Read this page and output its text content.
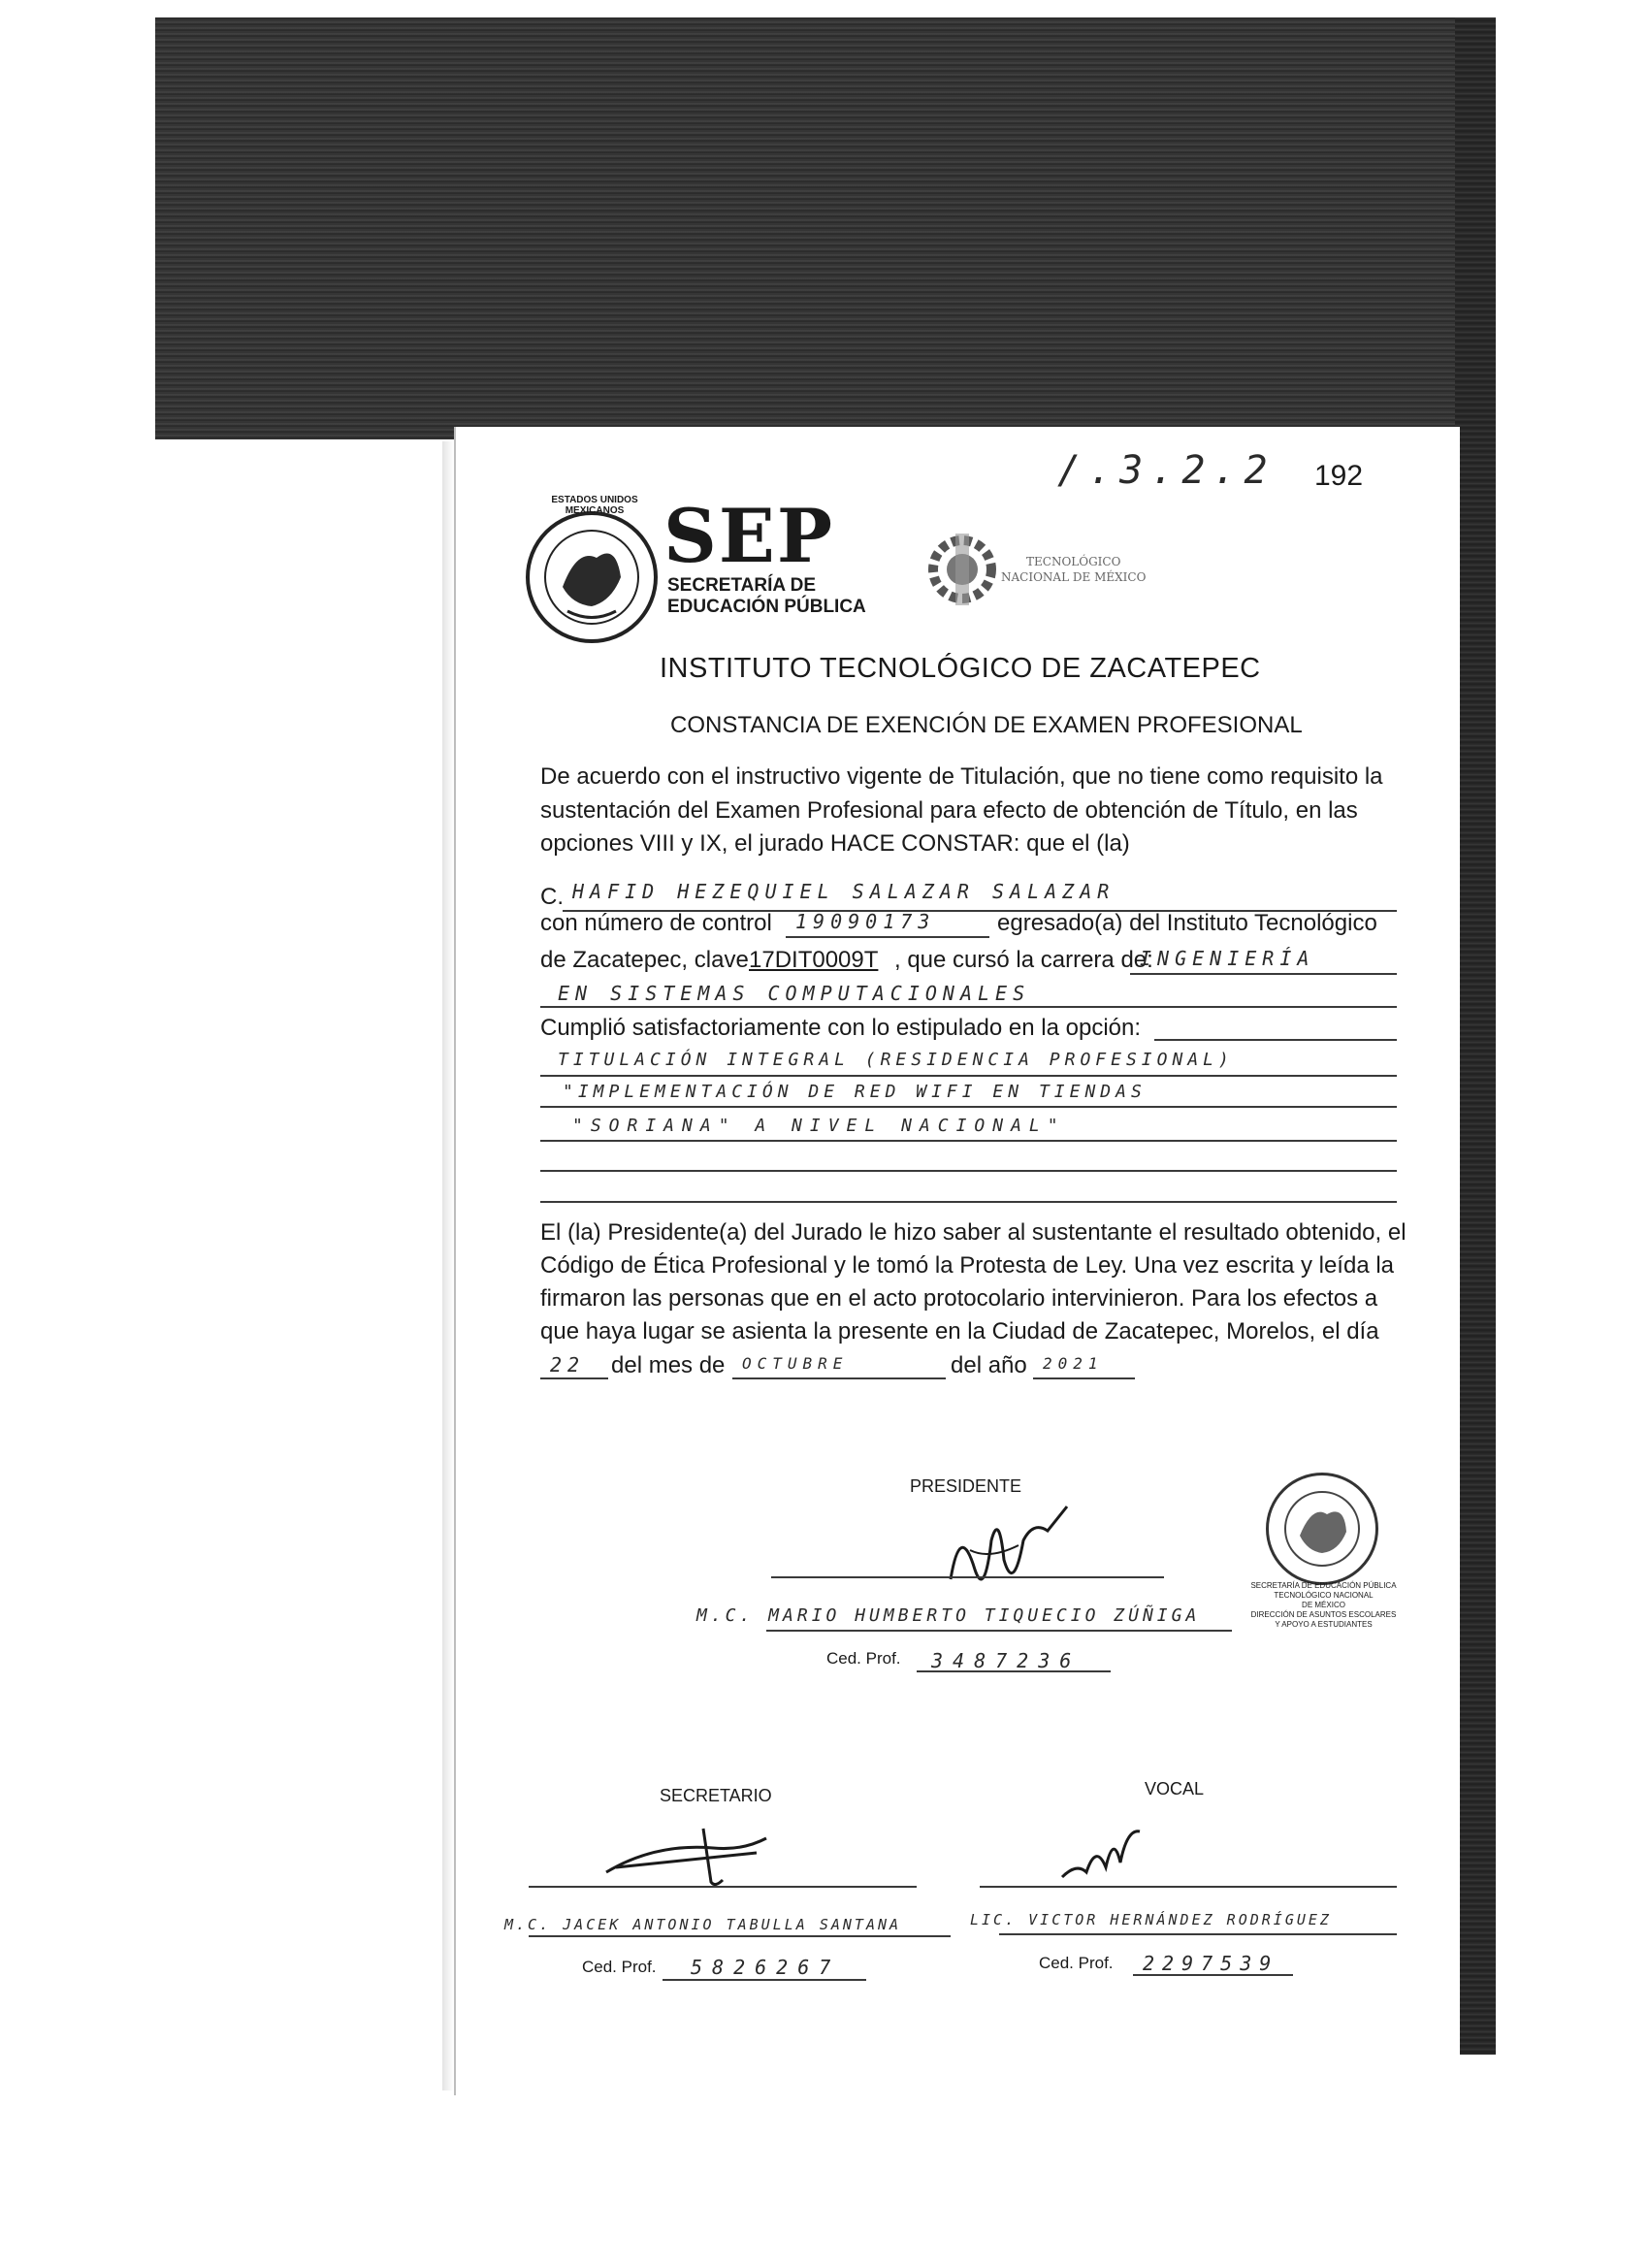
/.3.2.2 192
ESTADOS UNIDOS MEXICANOS SEP
SECRETARÍA DE
EDUCACIÓN PÚBLICA
TECNOLÓGICO
NACIONAL DE MÉXICO
INSTITUTO TECNOLÓGICO DE ZACATEPEC
CONSTANCIA DE EXENCIÓN DE EXAMEN PROFESIONAL
De acuerdo con el instructivo vigente de Titulación, que no tiene como requisito la
sustentación del Examen Profesional para efecto de obtención de Título, en las
opciones VIII y IX, el jurado HACE CONSTAR: que el (la)
C. HAFID HEZEQUIEL SALAZAR SALAZAR
con número de control 19090173	egresado(a) del Instituto Tecnológico
de Zacatepec, clave 17DIT0009T , que cursó la carrera de:
INGENIERÍA
EN SISTEMAS COMPUTACIONALES
Cumplió satisfactoriamente con lo estipulado en la opción:
TITULACIÓN INTEGRAL (RESIDENCIA PROFESIONAL)
"IMPLEMENTACIÓN DE RED WIFI EN TIENDAS
"SORIANA" A NIVEL NACIONAL"
El (la) Presidente(a) del Jurado le hizo saber al sustentante el resultado obtenido, el
Código de Ética Profesional y le tomó la Protesta de Ley. Una vez escrita y leída la
firmaron las personas que en el acto protocolario intervinieron. Para los efectos a
que haya lugar se asienta la presente en la Ciudad de Zacatepec, Morelos, el día
22 del mes de OCTUBRE	del año 2021
PRESIDENTE
M.C. MARIO HUMBERTO TIQUECIO ZÚÑIGA
Ced. Prof. 3487236
SECRETARÍA DE EDUCACIÓN PÚBLICA
TECNOLÓGICO NACIONAL
DE MÉXICO
DIRECCIÓN DE ASUNTOS ESCOLARES
Y APOYO A ESTUDIANTES
SECRETARIO
M.C. JACEK ANTONIO TABULLA SANTANA
Ced. Prof. 5826267
VOCAL
LIC. VICTOR HERNÁNDEZ RODRÍGUEZ
Ced. Prof. 2297539
